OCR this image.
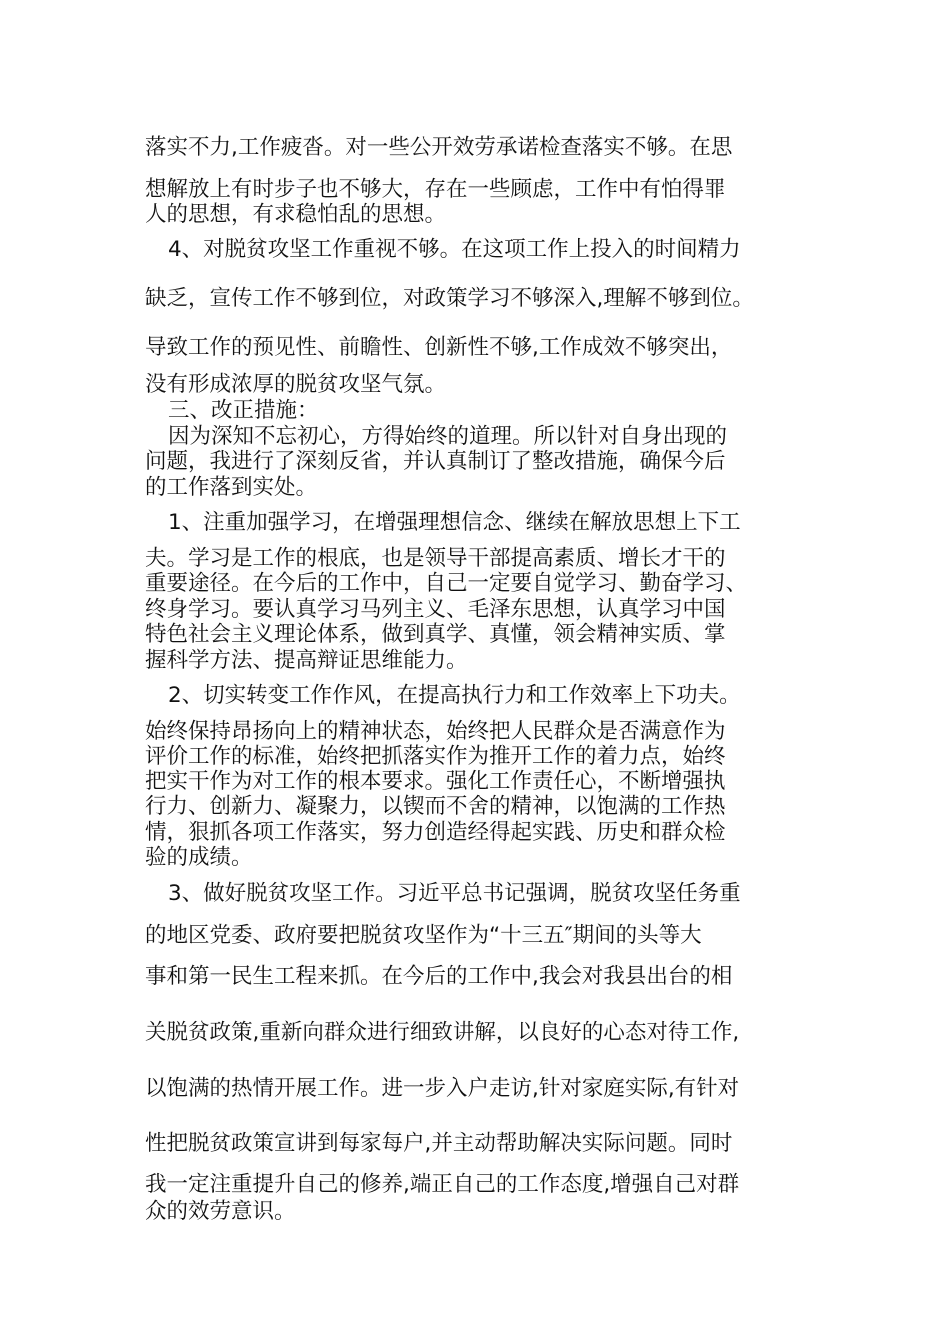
落实不力,工作疲沓。对一些公开效劳承诺检查落实不够。在思

想解放上有时步子也不够大，存在一些顾虑，工作中有怕得罪

人的思想，有求稳怕乱的思想。

4、对脱贫攻坚工作重视不够。在这项工作上投入的时间精力

缺乏，宣传工作不够到位，对政策学习不够深入,理解不够到位。

导致工作的预见性、前瞻性、创新性不够,工作成效不够突出，

没有形成浓厚的脱贫攻坚气氛。

三、改正措施：

因为深知不忘初心，方得始终的道理。所以针对自身出现的

问题，我进行了深刻反省，并认真制订了整改措施，确保今后

的工作落到实处。

1、注重加强学习，在增强理想信念、继续在解放思想上下工

夫。学习是工作的根底，也是领导干部提高素质、增长才干的

重要途径。在今后的工作中，自己一定要自觉学习、勤奋学习、

终身学习。要认真学习马列主义、毛泽东思想，认真学习中国

特色社会主义理论体系，做到真学、真懂，领会精神实质、掌

握科学方法、提高辩证思维能力。

2、切实转变工作作风，在提高执行力和工作效率上下功夫。

始终保持昂扬向上的精神状态，始终把人民群众是否满意作为

评价工作的标准，始终把抓落实作为推开工作的着力点，始终

把实干作为对工作的根本要求。强化工作责任心，不断增强执

行力、创新力、凝聚力，以锲而不舍的精神，以饱满的工作热

情，狠抓各项工作落实，努力创造经得起实践、历史和群众检

验的成绩。

3、做好脱贫攻坚工作。习近平总书记强调，脱贫攻坚任务重

的地区党委、政府要把脱贫攻坚作为“十三五″期间的头等大

事和第一民生工程来抓。在今后的工作中,我会对我县出台的相

关脱贫政策,重新向群众进行细致讲解，以良好的心态对待工作,

以饱满的热情开展工作。进一步入户走访,针对家庭实际,有针对

性把脱贫政策宣讲到每家每户,并主动帮助解决实际问题。同时

我一定注重提升自己的修养,端正自己的工作态度,增强自己对群

众的效劳意识。
